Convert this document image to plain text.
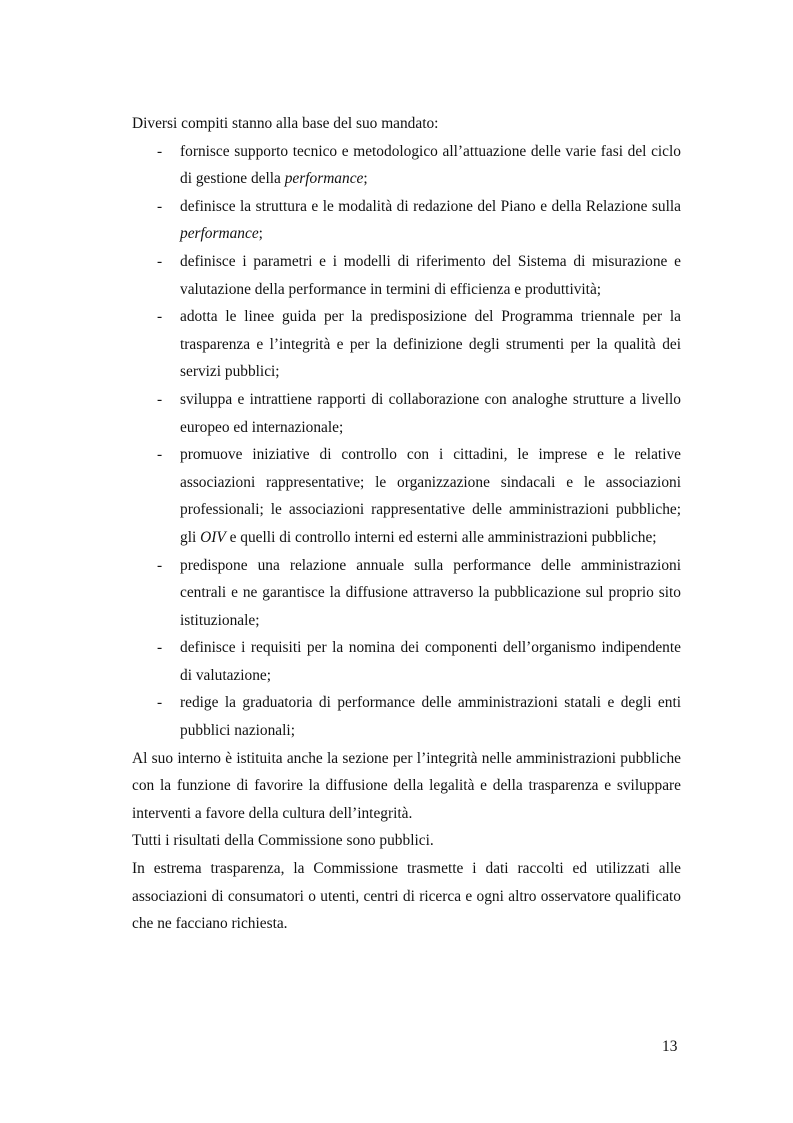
Diversi compiti stanno alla base del suo mandato:

- fornisce supporto tecnico e metodologico all’attuazione delle varie fasi del ciclo di gestione della performance;
- definisce la struttura e le modalità di redazione del Piano e della Relazione sulla performance;
- definisce i parametri e i modelli di riferimento del Sistema di misurazione e valutazione della performance in termini di efficienza e produttività;
- adotta le linee guida per la predisposizione del Programma triennale per la trasparenza e l’integrità e per la definizione degli strumenti per la qualità dei servizi pubblici;
- sviluppa e intrattiene rapporti di collaborazione con analoghe strutture a livello europeo ed internazionale;
- promuove iniziative di controllo con i cittadini, le imprese e le relative associazioni rappresentative; le organizzazione sindacali e le associazioni professionali; le associazioni rappresentative delle amministrazioni pubbliche; gli OIV e quelli di controllo interni ed esterni alle amministrazioni pubbliche;
- predispone una relazione annuale sulla performance delle amministrazioni centrali e ne garantisce la diffusione attraverso la pubblicazione sul proprio sito istituzionale;
- definisce i requisiti per la nomina dei componenti dell’organismo indipendente di valutazione;
- redige la graduatoria di performance delle amministrazioni statali e degli enti pubblici nazionali;

Al suo interno è istituita anche la sezione per l’integrità nelle amministrazioni pubbliche con la funzione di favorire la diffusione della legalità e della trasparenza e sviluppare interventi a favore della cultura dell’integrità.

Tutti i risultati della Commissione sono pubblici.

In estrema trasparenza, la Commissione trasmette i dati raccolti ed utilizzati alle associazioni di consumatori o utenti, centri di ricerca e ogni altro osservatore qualificato che ne facciano richiesta.

13
